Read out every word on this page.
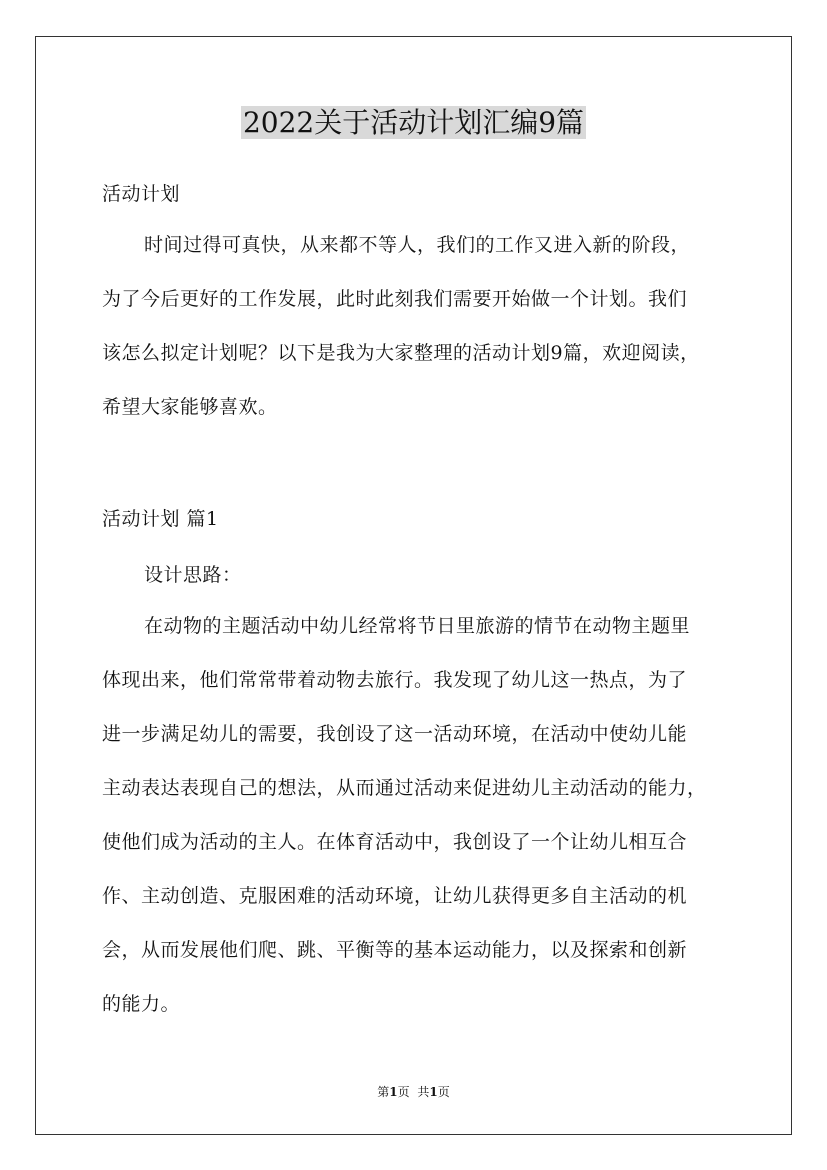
2022关于活动计划汇编9篇
活动计划
时间过得可真快，从来都不等人，我们的工作又进入新的阶段，
为了今后更好的工作发展，此时此刻我们需要开始做一个计划。我们
该怎么拟定计划呢？以下是我为大家整理的活动计划9篇，欢迎阅读，
希望大家能够喜欢。
活动计划 篇1
设计思路：
在动物的主题活动中幼儿经常将节日里旅游的情节在动物主题里
体现出来，他们常常带着动物去旅行。我发现了幼儿这一热点，为了
进一步满足幼儿的需要，我创设了这一活动环境，在活动中使幼儿能
主动表达表现自己的想法，从而通过活动来促进幼儿主动活动的能力，
使他们成为活动的主人。在体育活动中，我创设了一个让幼儿相互合
作、主动创造、克服困难的活动环境，让幼儿获得更多自主活动的机
会，从而发展他们爬、跳、平衡等的基本运动能力，以及探索和创新
的能力。
第1页 共1页
